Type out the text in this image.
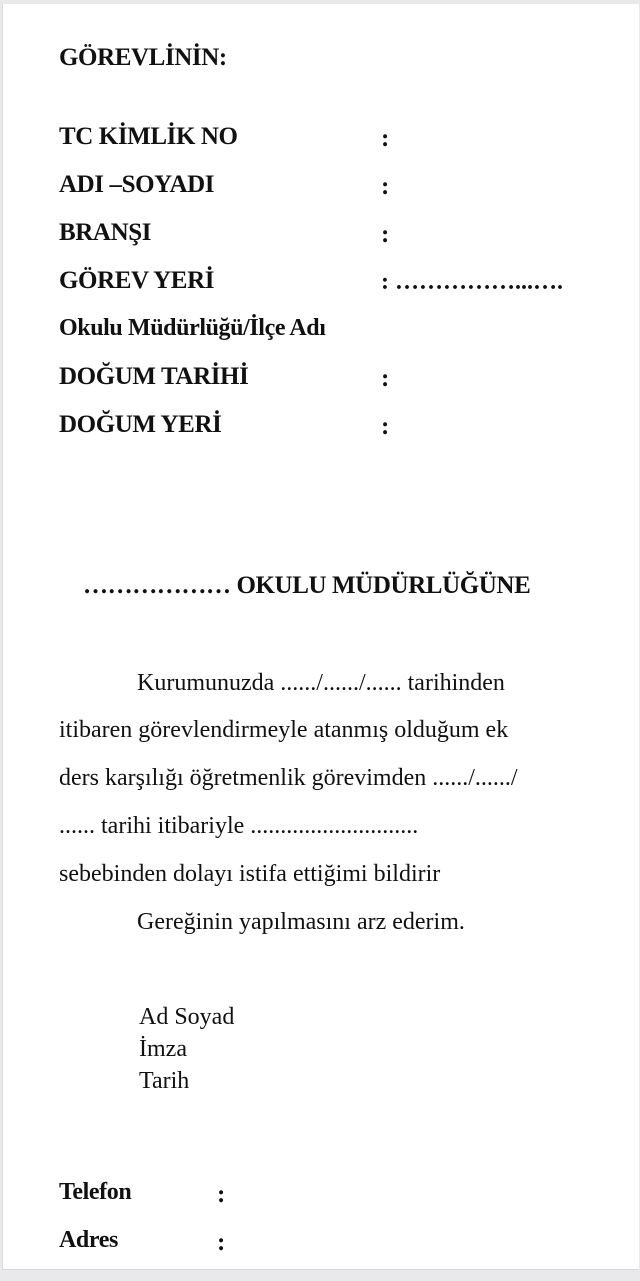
GÖREVLİNİN:
TC KİMLİK NO	:
ADI –SOYADI	:
BRANŞI	:
GÖREV YERİ	: ……………...….
Okulu Müdürlüğü/İlçe Adı
DOĞUM TARİHİ	:
DOĞUM YERİ	:
……………… OKULU MÜDÜRLÜĞÜNE
Kurumunuzda ....../....../...... tarihinden
itibaren görevlendirmeyle atanmış olduğum ek
ders karşılığı öğretmenlik görevimden ....../....../
...... tarihi itibariyle ............................
sebebinden dolayı istifa ettiğimi bildirir
Gereğinin yapılmasını arz ederim.
Ad Soyad
İmza
Tarih
Telefon	:
Adres	:
